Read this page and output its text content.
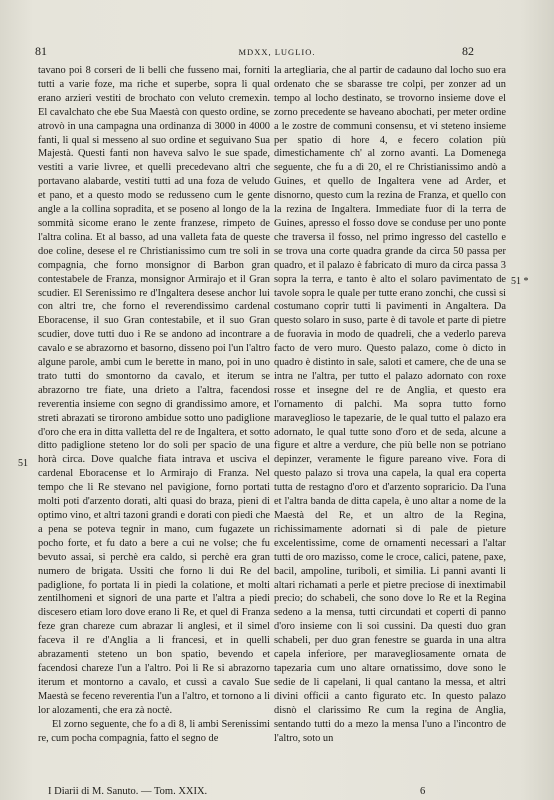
81	MDXX, LUGLIO.	82
51
51 *

tavano poi 8 corseri de li belli che fusseno mai, forniti tutti a varie foze, ma riche et superbe, sopra li qual erano arzieri vestiti de brochato con veluto cremexin. El cavalchato che ebe Sua Maestà con questo ordine, se atrovò in una campagna una ordinanza di 3000 in 4000 fanti, li qual si messeno al suo ordine et seguivano Sua Majestà. Questi fanti non haveva salvo le sue spade, vestiti a varie livree, et quelli precedevano altri che portavano alabarde, vestiti tutti ad una foza de veludo et pano, et a questo modo se redusseno cum le gente angle a la collina sopradita, et se poseno al longo de la sommità sicome erano le zente franzese, rimpeto de l'altra colina. Et al basso, ad una valleta fata de queste doe coline, desese el re Christianissimo cum tre soli in compagnia, che forno monsignor di Barbon gran contestabele de Franza, monsignor Armirajo et il Gran scudier. El Serenissimo re d'Ingaltera desese anchor lui con altri tre, che forno el reverendissimo cardenal Eboracense, il suo Gran contestabile, et il suo Gran scudier, dove tutti duo i Re se andono ad incontrare a cavalo e se abrazorno et basorno, disseno poi l'un l'altro algune parole, ambi cum le berette in mano, poi in uno trato tutti do smontorno da cavalo, et iterum se abrazorno tre fiate, una drieto a l'altra, facendosi reverentia insieme con segno di grandissimo amore, et streti abrazati se tirorono ambidue sotto uno padiglione d'oro che era in ditta valletta del re de Ingaltera, et sotto ditto padiglione steteno lor do soli per spacio de una horà circa. Dove qualche fiata intrava et usciva el cardenal Eboracense et lo Armirajo di Franza. Nel tempo che li Re stevano nel pavigione, forno portati molti poti d'arzento dorati, alti quasi do braza, pieni di optimo vino, et altri tazoni grandi e dorati con piedi che a pena se poteva tegnir in mano, cum fugazete un pocho forte, et fu dato a bere a cui ne volse; che fu bevuto assai, si perchè era caldo, si perchè era gran numero de brigata. Ussiti che forno li dui Re del padiglione, fo portata li in piedi la colatione, et molti zentilhomeni et signori de una parte et l'altra a piedi discesero etiam loro dove erano li Re, et quel di Franza feze gran chareze cum abrazar li anglesi, et il simel faceva il re d'Anglia a li francesi, et in quelli abrazamenti steteno un bon spatio, bevendo et facendosi chareze l'un a l'altro. Poi li Re si abrazorno iterum et montorno a cavalo, et cussì a cavalo Sue Maestà se feceno reverentia l'un a l'altro, et tornono a li lor alozamenti, che era zà noctè.

El zorno seguente, che fo a dì 8, li ambi Serenissimi re, cum pocha compagnia, fatto el segno de

la artegliaria, che al partir de cadauno dal locho suo era ordenato che se sbarasse tre colpi, per zonzer ad un tempo al locho destinato, se trovorno insieme dove el zorno precedente se haveano abochati, per meter ordine a le zostre de communi consensu, et vi steteno insieme per spatio di hore 4, e fecero colation più dimestichamente ch' al zorno avanti. La Domenega seguente, che fu a dì 20, el re Christianissimo andò a Guines, et quello de Ingaltera vene ad Arder, et disnorno, questo cum la rezina de Franza, et quello con la rezina de Ingaltera. Immediate fuor di la terra de Guines, apresso el fosso dove se conduse per uno ponte che traversa il fosso, nel primo ingresso del castello e se trova una corte quadra grande da circa 50 passa per quadro, et il palazo è fabricato di muro da circa passa 3 sopra la terra, e tanto è alto el solaro pavimentato de tavole sopra le quale per tutte erano zonchi, che cussì si costumano coprir tutti li pavimenti in Angaltera. Da questo solaro in suso, parte è di tavole et parte di pietre de fuoravia in modo de quadreli, che a vederlo pareva facto de vero muro. Questo palazo, come ò dicto in quadro è distinto in sale, saloti et camere, che de una se intra ne l'altra, per tutto el palazo adornato con roxe rosse et insegne del re de Anglia, et questo era l'ornamento di palchi. Ma sopra tutto forno maraveglioso le tapezarie, de le qual tutto el palazo era adornato, le qual tutte sono d'oro et de seda, alcune a figure et altre a verdure, che più belle non se potriano depinzer, veramente le figure pareano vive. Fora di questo palazo si trova una capela, la qual era coperta tutta de restagno d'oro et d'arzento sopraricio. Da l'una et l'altra banda de ditta capela, è uno altar a nome de la Maestà del Re, et un altro de la Regina, richissimamente adornati sì di pale de pieture excelentissime, come de ornamenti necessari a l'altar tutti de oro mazisso, come le croce, calici, patene, paxe, bacil, ampoline, turiboli, et similia. Li panni avanti li altari richamati a perle et pietre preciose di inextimabil precio; do schabeli, che sono dove lo Re et la Regina sedeno a la mensa, tutti circundati et coperti di panno d'oro insieme con li soi cussini. Da questi duo gran schabeli, per duo gran fenestre se guarda in una altra capela inferiore, per maravegliosamente ornata de tapezaria cum uno altare ornatissimo, dove sono le sedie de li capelani, li qual cantano la messa, et altri divini officii a canto figurato etc. In questo palazo disnò el clarissimo Re cum la regina de Anglia, sentando tutti do a mezo la mensa l'uno a l'incontro de l'altro, soto un

I Diarii di M. Sanuto. — Tom. XXIX.	6
